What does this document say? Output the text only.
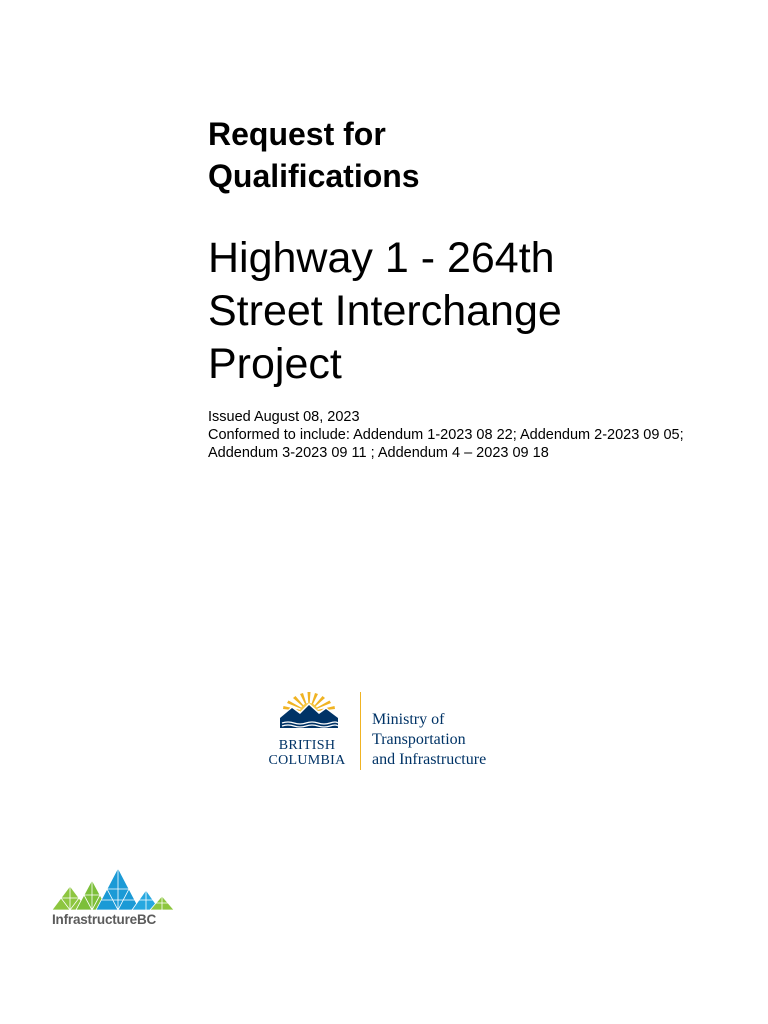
Request for
Qualifications
Highway 1 - 264th
Street Interchange
Project
Issued August 08, 2023
Conformed to include: Addendum 1-2023 08 22; Addendum 2-2023 09 05;
Addendum 3-2023 09 11 ; Addendum 4 – 2023 09 18
BRITISH
COLUMBIA
Ministry of
Transportation
and Infrastructure
InfrastructureBC
